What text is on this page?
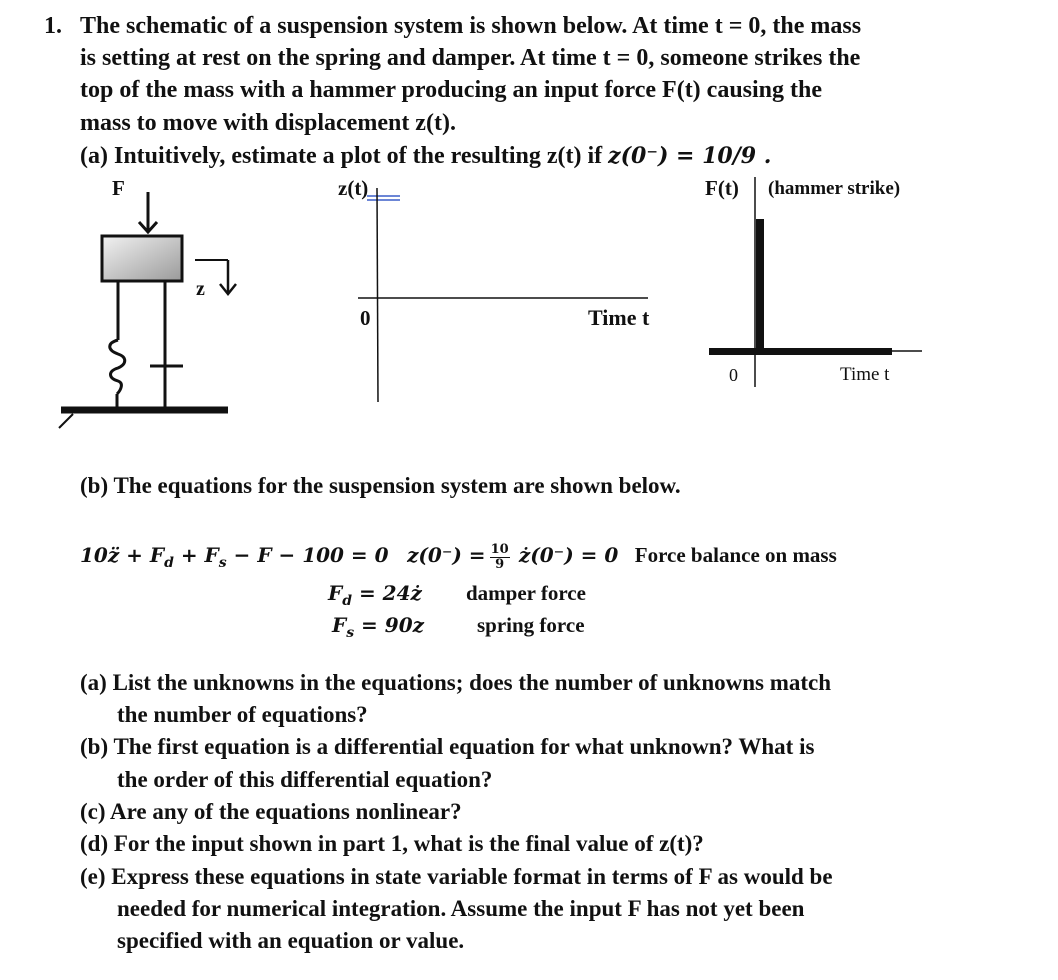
1. The schematic of a suspension system is shown below. At time t = 0, the mass
is setting at rest on the spring and damper. At time t = 0, someone strikes the
top of the mass with a hammer producing an input force F(t) causing the
mass to move with displacement z(t).
(a) Intuitively, estimate a plot of the resulting z(t) if z(0⁻) = 10/9 .
F
z
z(t)
0	Time t
F(t) (hammer strike)
0	Time t
(b) The equations for the suspension system are shown below.
10z̈ + $F_d + F_s - F - 100 = 0$ $z(0^-) = \frac{10}{9}$ ż(0⁻) = 0 Force balance on mass
$F_d$ = 24ż damper force
$F_s = 90z$	spring force
(a) List the unknowns in the equations; does the number of unknowns match
the number of equations?
(b) The first equation is a differential equation for what unknown? What is
the order of this differential equation?
(c) Are any of the equations nonlinear?
(d) For the input shown in part 1, what is the final value of z(t)?
(e) Express these equations in state variable format in terms of F as would be
needed for numerical integration. Assume the input F has not yet been
specified with an equation or value.
